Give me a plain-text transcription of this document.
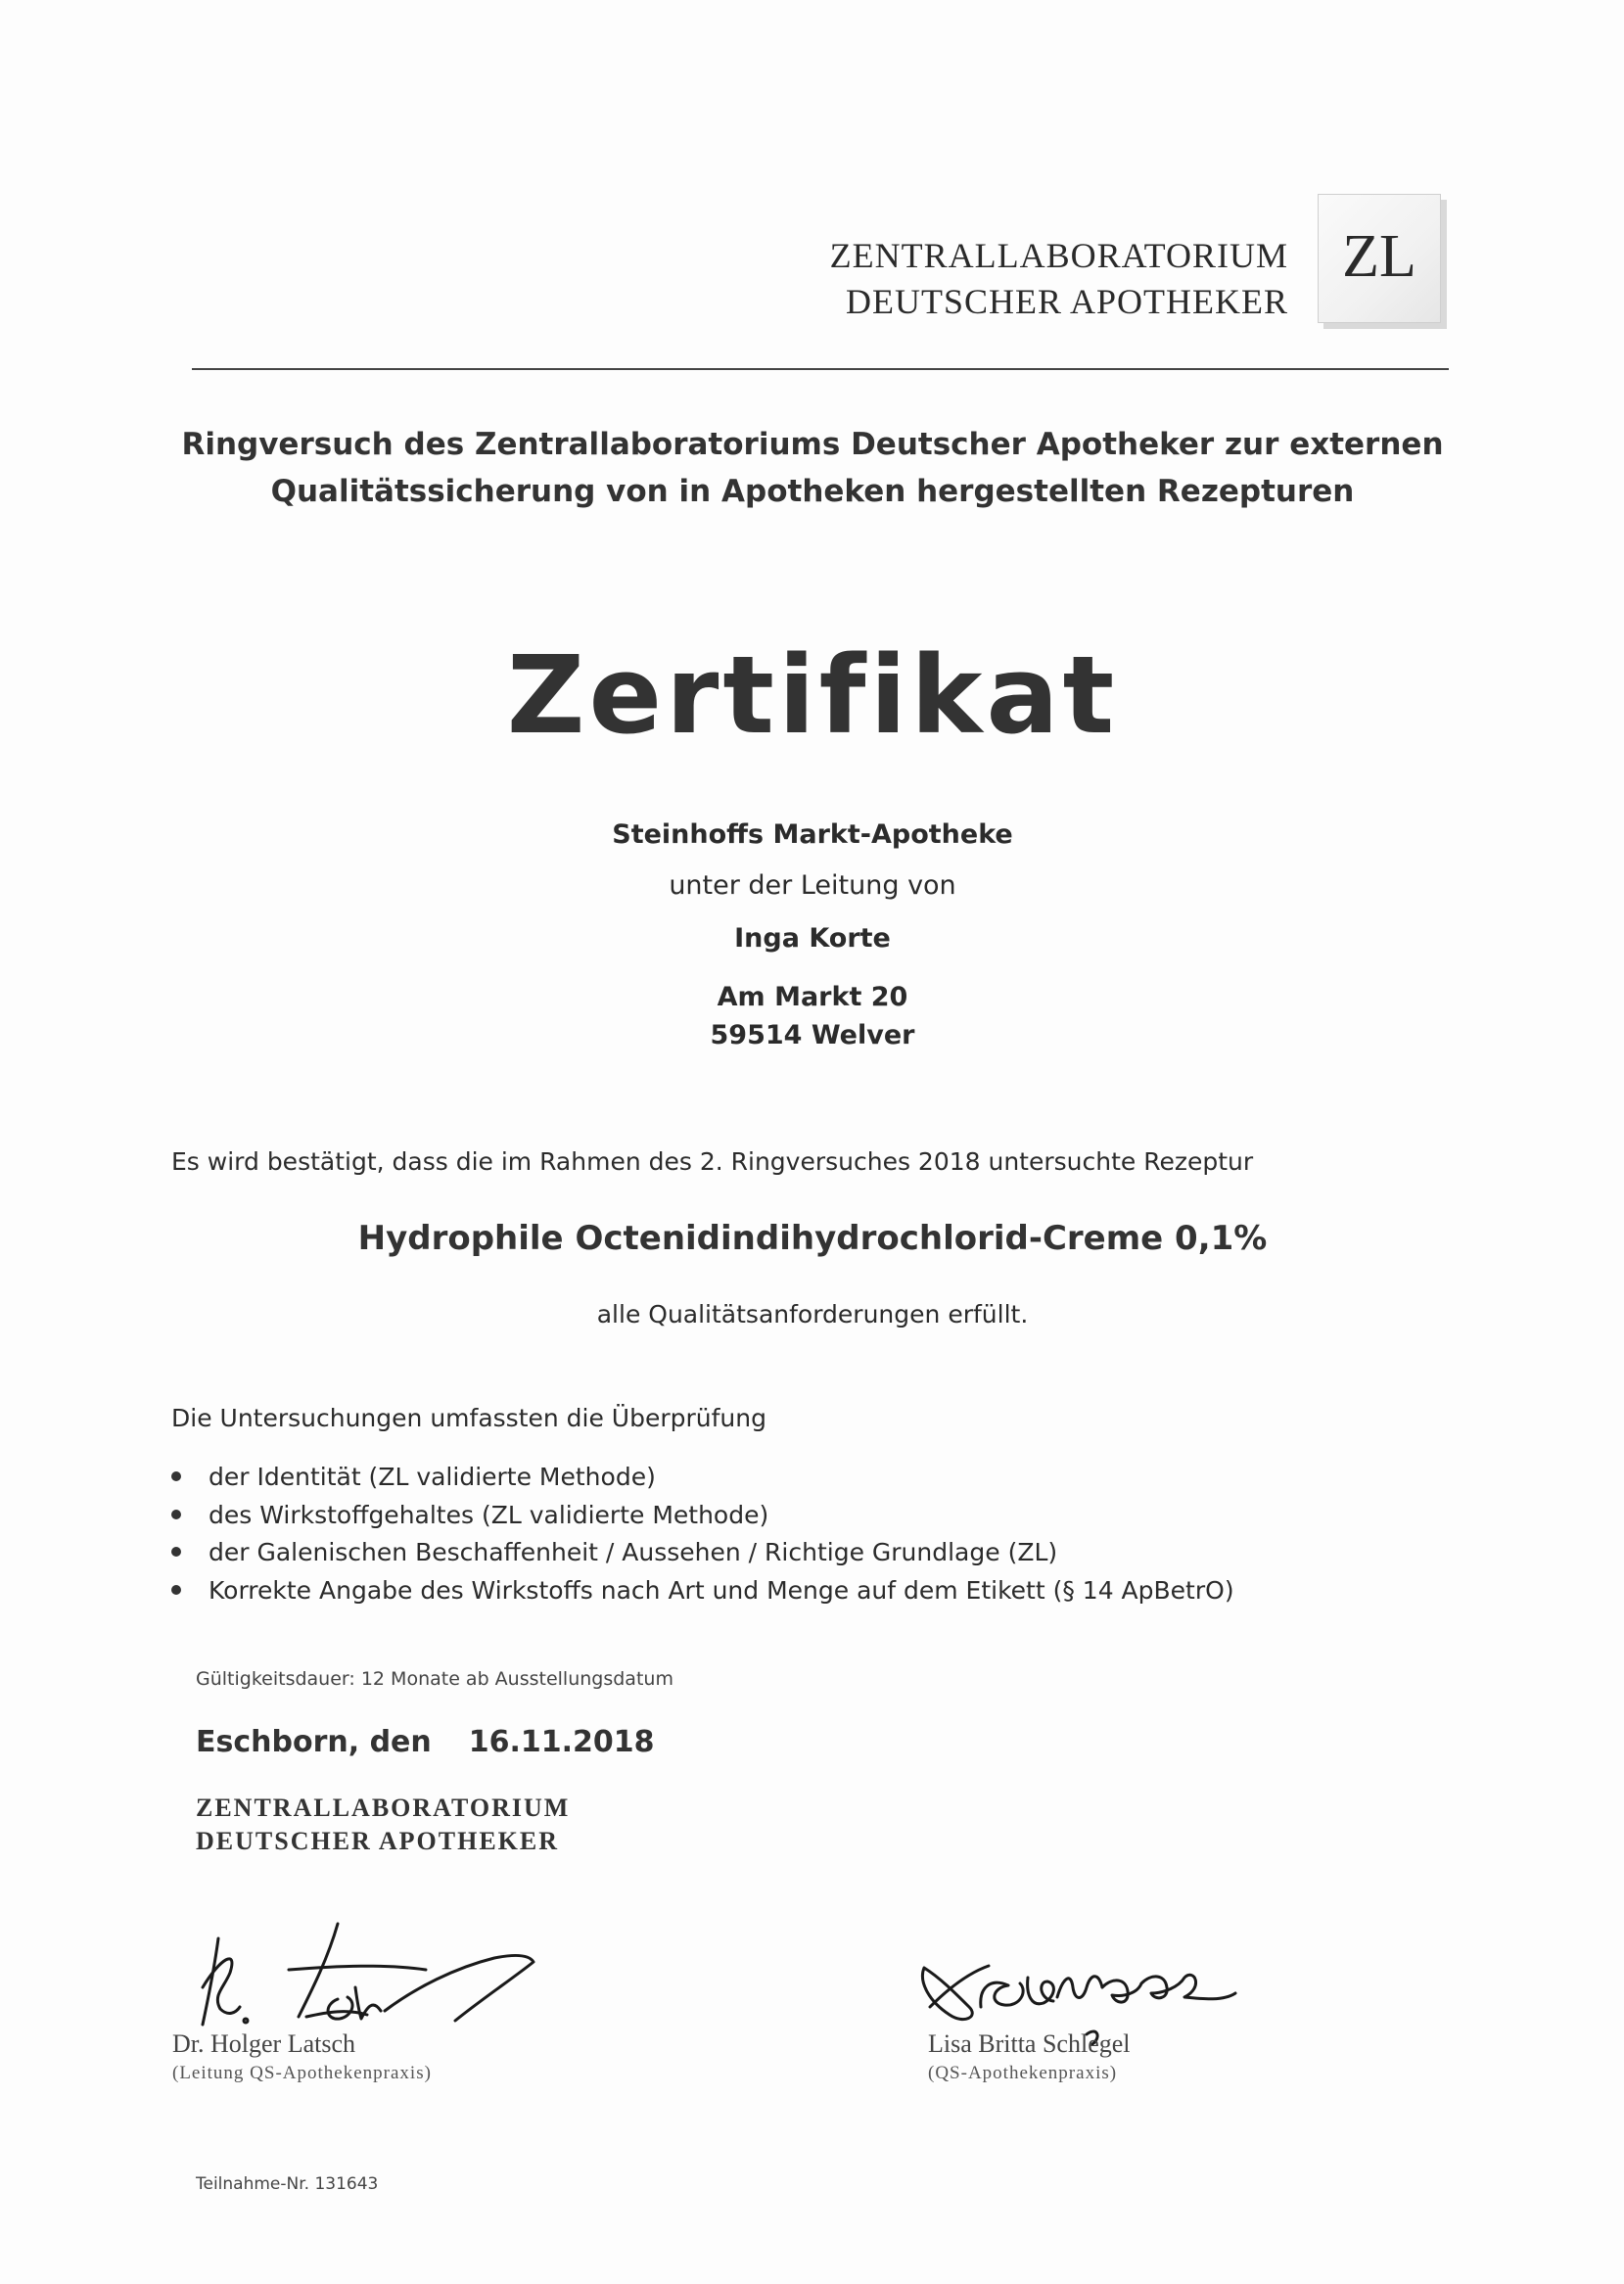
ZENTRALLABORATORIUM
DEUTSCHER APOTHEKER
ZL
Ringversuch des Zentrallaboratoriums Deutscher Apotheker zur externen
Qualitätssicherung von in Apotheken hergestellten Rezepturen
Zertifikat
Steinhoffs Markt-Apotheke
unter der Leitung von
Inga Korte
Am Markt 20
59514 Welver
Es wird bestätigt, dass die im Rahmen des 2. Ringversuches 2018 untersuchte Rezeptur
Hydrophile Octenidindihydrochlorid-Creme 0,1%
alle Qualitätsanforderungen erfüllt.
Die Untersuchungen umfassten die Überprüfung
der Identität (ZL validierte Methode)
des Wirkstoffgehaltes (ZL validierte Methode)
der Galenischen Beschaffenheit / Aussehen / Richtige Grundlage (ZL)
Korrekte Angabe des Wirkstoffs nach Art und Menge auf dem Etikett (§ 14 ApBetrO)
Gültigkeitsdauer: 12 Monate ab Ausstellungsdatum
Eschborn, den 16.11.2018
ZENTRALLABORATORIUM
DEUTSCHER APOTHEKER
Dr. Holger Latsch
(Leitung QS-Apothekenpraxis)
Lisa Britta Schlegel
(QS-Apothekenpraxis)
Teilnahme-Nr. 131643
